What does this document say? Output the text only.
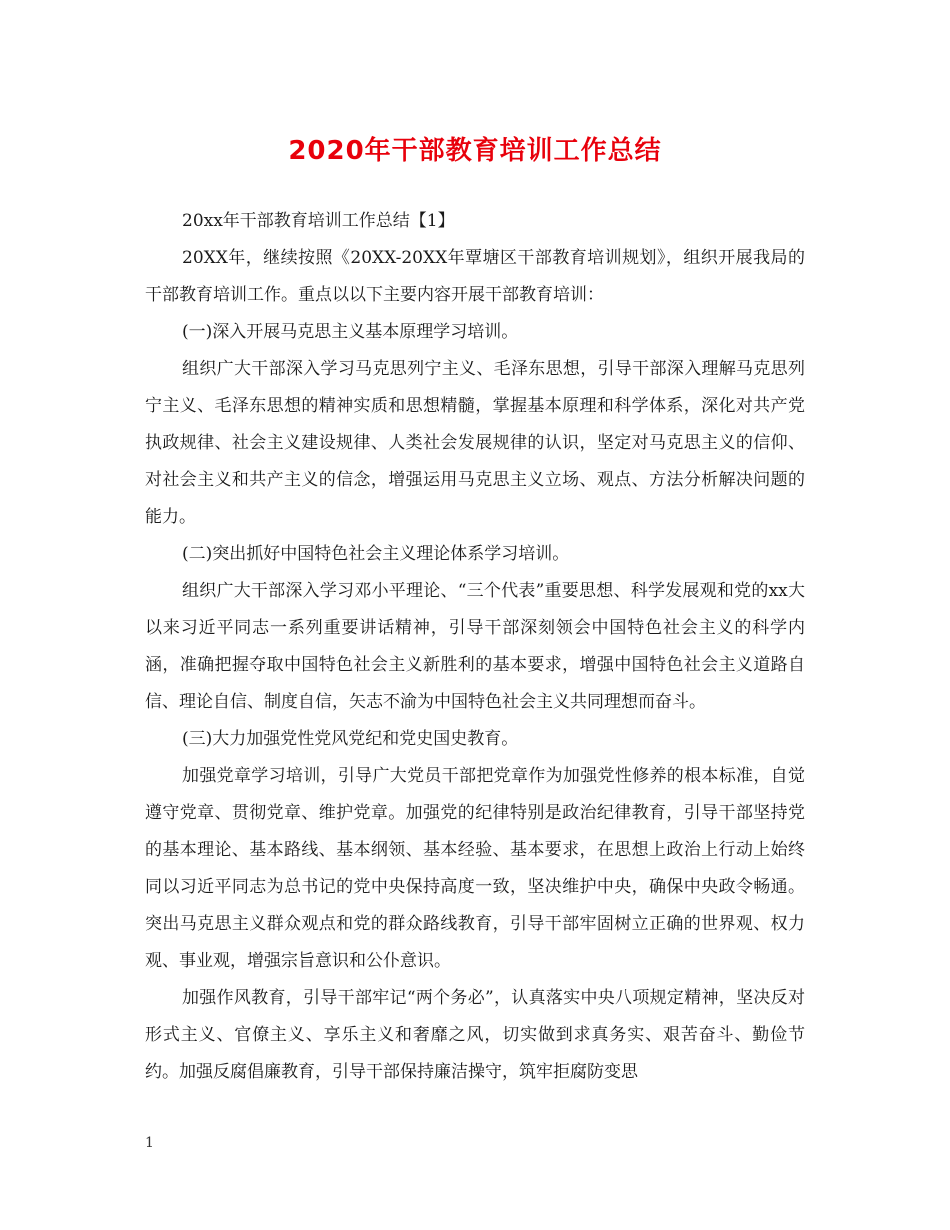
2020年干部教育培训工作总结

20xx年干部教育培训工作总结【1】

20XX年，继续按照《20XX-20XX年覃塘区干部教育培训规划》，组织开展我局的干部教育培训工作。重点以以下主要内容开展干部教育培训：

(一)深入开展马克思主义基本原理学习培训。

组织广大干部深入学习马克思列宁主义、毛泽东思想，引导干部深入理解马克思列宁主义、毛泽东思想的精神实质和思想精髓，掌握基本原理和科学体系，深化对共产党执政规律、社会主义建设规律、人类社会发展规律的认识，坚定对马克思主义的信仰、对社会主义和共产主义的信念，增强运用马克思主义立场、观点、方法分析解决问题的能力。

(二)突出抓好中国特色社会主义理论体系学习培训。

组织广大干部深入学习邓小平理论、“三个代表”重要思想、科学发展观和党的xx大以来习近平同志一系列重要讲话精神，引导干部深刻领会中国特色社会主义的科学内涵，准确把握夺取中国特色社会主义新胜利的基本要求，增强中国特色社会主义道路自信、理论自信、制度自信，矢志不渝为中国特色社会主义共同理想而奋斗。

(三)大力加强党性党风党纪和党史国史教育。

加强党章学习培训，引导广大党员干部把党章作为加强党性修养的根本标准，自觉遵守党章、贯彻党章、维护党章。加强党的纪律特别是政治纪律教育，引导干部坚持党的基本理论、基本路线、基本纲领、基本经验、基本要求，在思想上政治上行动上始终同以习近平同志为总书记的党中央保持高度一致，坚决维护中央，确保中央政令畅通。突出马克思主义群众观点和党的群众路线教育，引导干部牢固树立正确的世界观、权力观、事业观，增强宗旨意识和公仆意识。

加强作风教育，引导干部牢记“两个务必”，认真落实中央八项规定精神，坚决反对形式主义、官僚主义、享乐主义和奢靡之风，切实做到求真务实、艰苦奋斗、勤俭节约。加强反腐倡廉教育，引导干部保持廉洁操守，筑牢拒腐防变思

1
